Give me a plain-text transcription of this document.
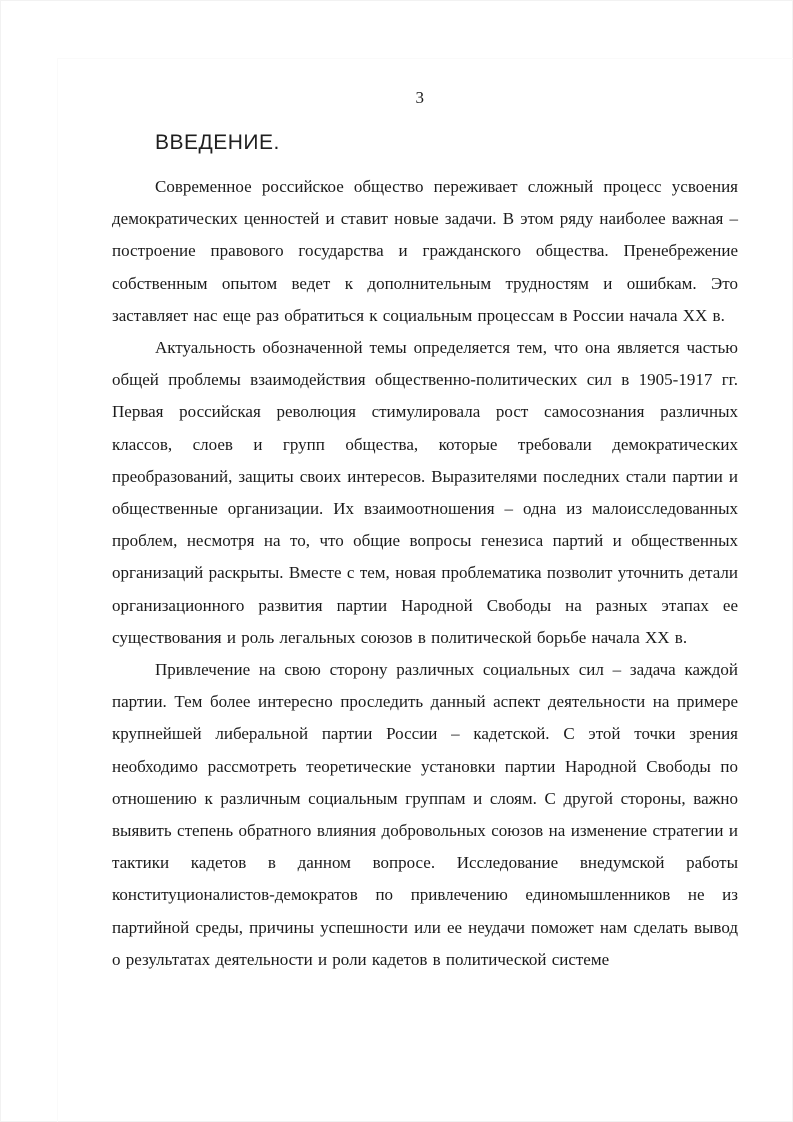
3
ВВЕДЕНИЕ.

Современное российское общество переживает сложный процесс усвоения демократических ценностей и ставит новые задачи. В этом ряду наиболее важная – построение правового государства и гражданского общества. Пренебрежение собственным опытом ведет к дополнительным трудностям и ошибкам. Это заставляет нас еще раз обратиться к социальным процессам в России начала XX в.

Актуальность обозначенной темы определяется тем, что она является частью общей проблемы взаимодействия общественно-политических сил в 1905-1917 гг. Первая российская революция стимулировала рост самосознания различных классов, слоев и групп общества, которые требовали демократических преобразований, защиты своих интересов. Выразителями последних стали партии и общественные организации. Их взаимоотношения – одна из малоисследованных проблем, несмотря на то, что общие вопросы генезиса партий и общественных организаций раскрыты. Вместе с тем, новая проблематика позволит уточнить детали организационного развития партии Народной Свободы на разных этапах ее существования и роль легальных союзов в политической борьбе начала XX в.

Привлечение на свою сторону различных социальных сил – задача каждой партии. Тем более интересно проследить данный аспект деятельности на примере крупнейшей либеральной партии России – кадетской. С этой точки зрения необходимо рассмотреть теоретические установки партии Народной Свободы по отношению к различным социальным группам и слоям. С другой стороны, важно выявить степень обратного влияния добровольных союзов на изменение стратегии и тактики кадетов в данном вопросе. Исследование внедумской работы конституционалистов-демократов по привлечению единомышленников не из партийной среды, причины успешности или ее неудачи поможет нам сделать вывод о результатах деятельности и роли кадетов в политической системе
